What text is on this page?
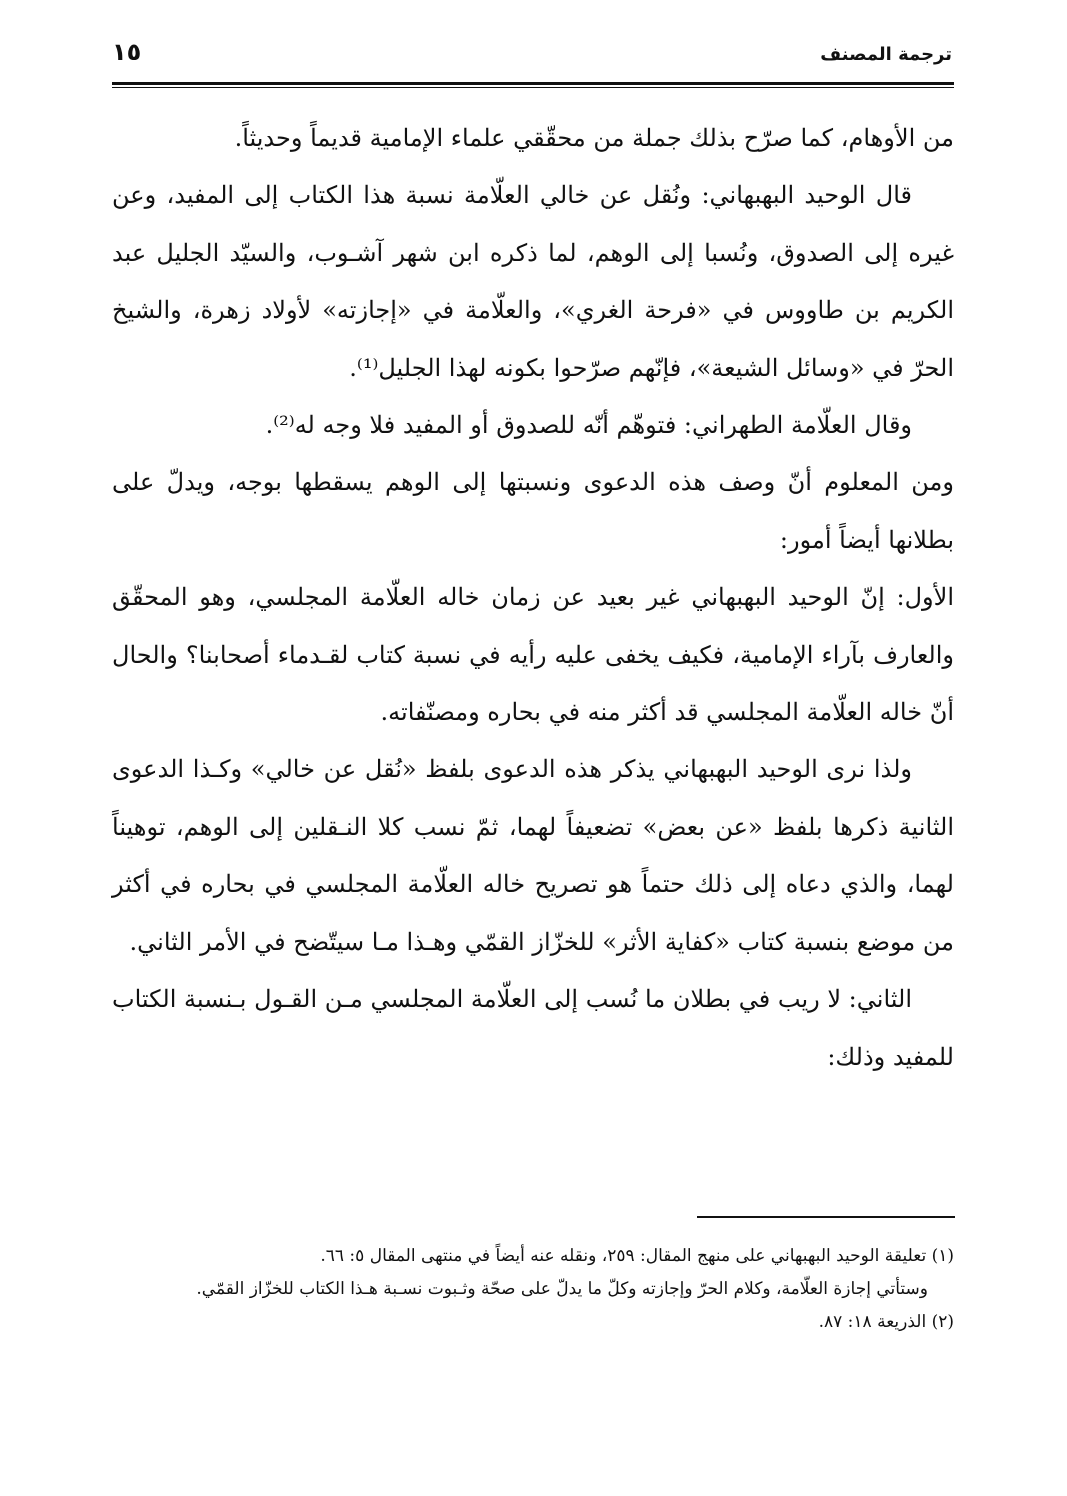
ترجمة المصنف
١٥

من الأوهام، كما صرّح بذلك جملة من محقّقي علماء الإمامية قديماً وحديثاً.

قال الوحيد البهبهاني: ونُقل عن خالي العلّامة نسبة هذا الكتاب إلى المفيد، وعن غيره إلى الصدوق، ونُسبا إلى الوهم، لما ذكره ابن شهر آشـوب، والسيّد الجليل عبد الكريم بن طاووس في «فرحة الغري»، والعلّامة في «إجازته» لأولاد زهرة، والشيخ الحرّ في «وسائل الشيعة»، فإنّهم صرّحوا بكونه لهذا الجليل⁽¹⁾.

وقال العلّامة الطهراني: فتوهّم أنّه للصدوق أو المفيد فلا وجه له⁽²⁾.

ومن المعلوم أنّ وصف هذه الدعوى ونسبتها إلى الوهم يسقطها بوجه، ويدلّ على بطلانها أيضاً أمور:

الأول: إنّ الوحيد البهبهاني غير بعيد عن زمان خاله العلّامة المجلسي، وهو المحقّق والعارف بآراء الإمامية، فكيف يخفى عليه رأيه في نسبة كتاب لقـدماء أصحابنا؟ والحال أنّ خاله العلّامة المجلسي قد أكثر منه في بحاره ومصنّفاته.

ولذا نرى الوحيد البهبهاني يذكر هذه الدعوى بلفظ «نُقل عن خالي» وكـذا الدعوى الثانية ذكرها بلفظ «عن بعض» تضعيفاً لهما، ثمّ نسب كلا النـقلين إلى الوهم، توهيناً لهما، والذي دعاه إلى ذلك حتماً هو تصريح خاله العلّامة المجلسي في بحاره في أكثر من موضع بنسبة كتاب «كفاية الأثر» للخزّاز القمّي وهـذا مـا سيتّضح في الأمر الثاني.

الثاني: لا ريب في بطلان ما نُسب إلى العلّامة المجلسي مـن القـول بـنسبة الكتاب للمفيد وذلك:

(١) تعليقة الوحيد البهبهاني على منهج المقال: ٢٥٩، ونقله عنه أيضاً في منتهى المقال ٥: ٦٦.

وستأتي إجازة العلّامة، وكلام الحرّ وإجازته وكلّ ما يدلّ على صحّة وثـبوت نسـبة هـذا الكتاب للخزّاز القمّي.

(٢) الذريعة ١٨: ٨٧.
